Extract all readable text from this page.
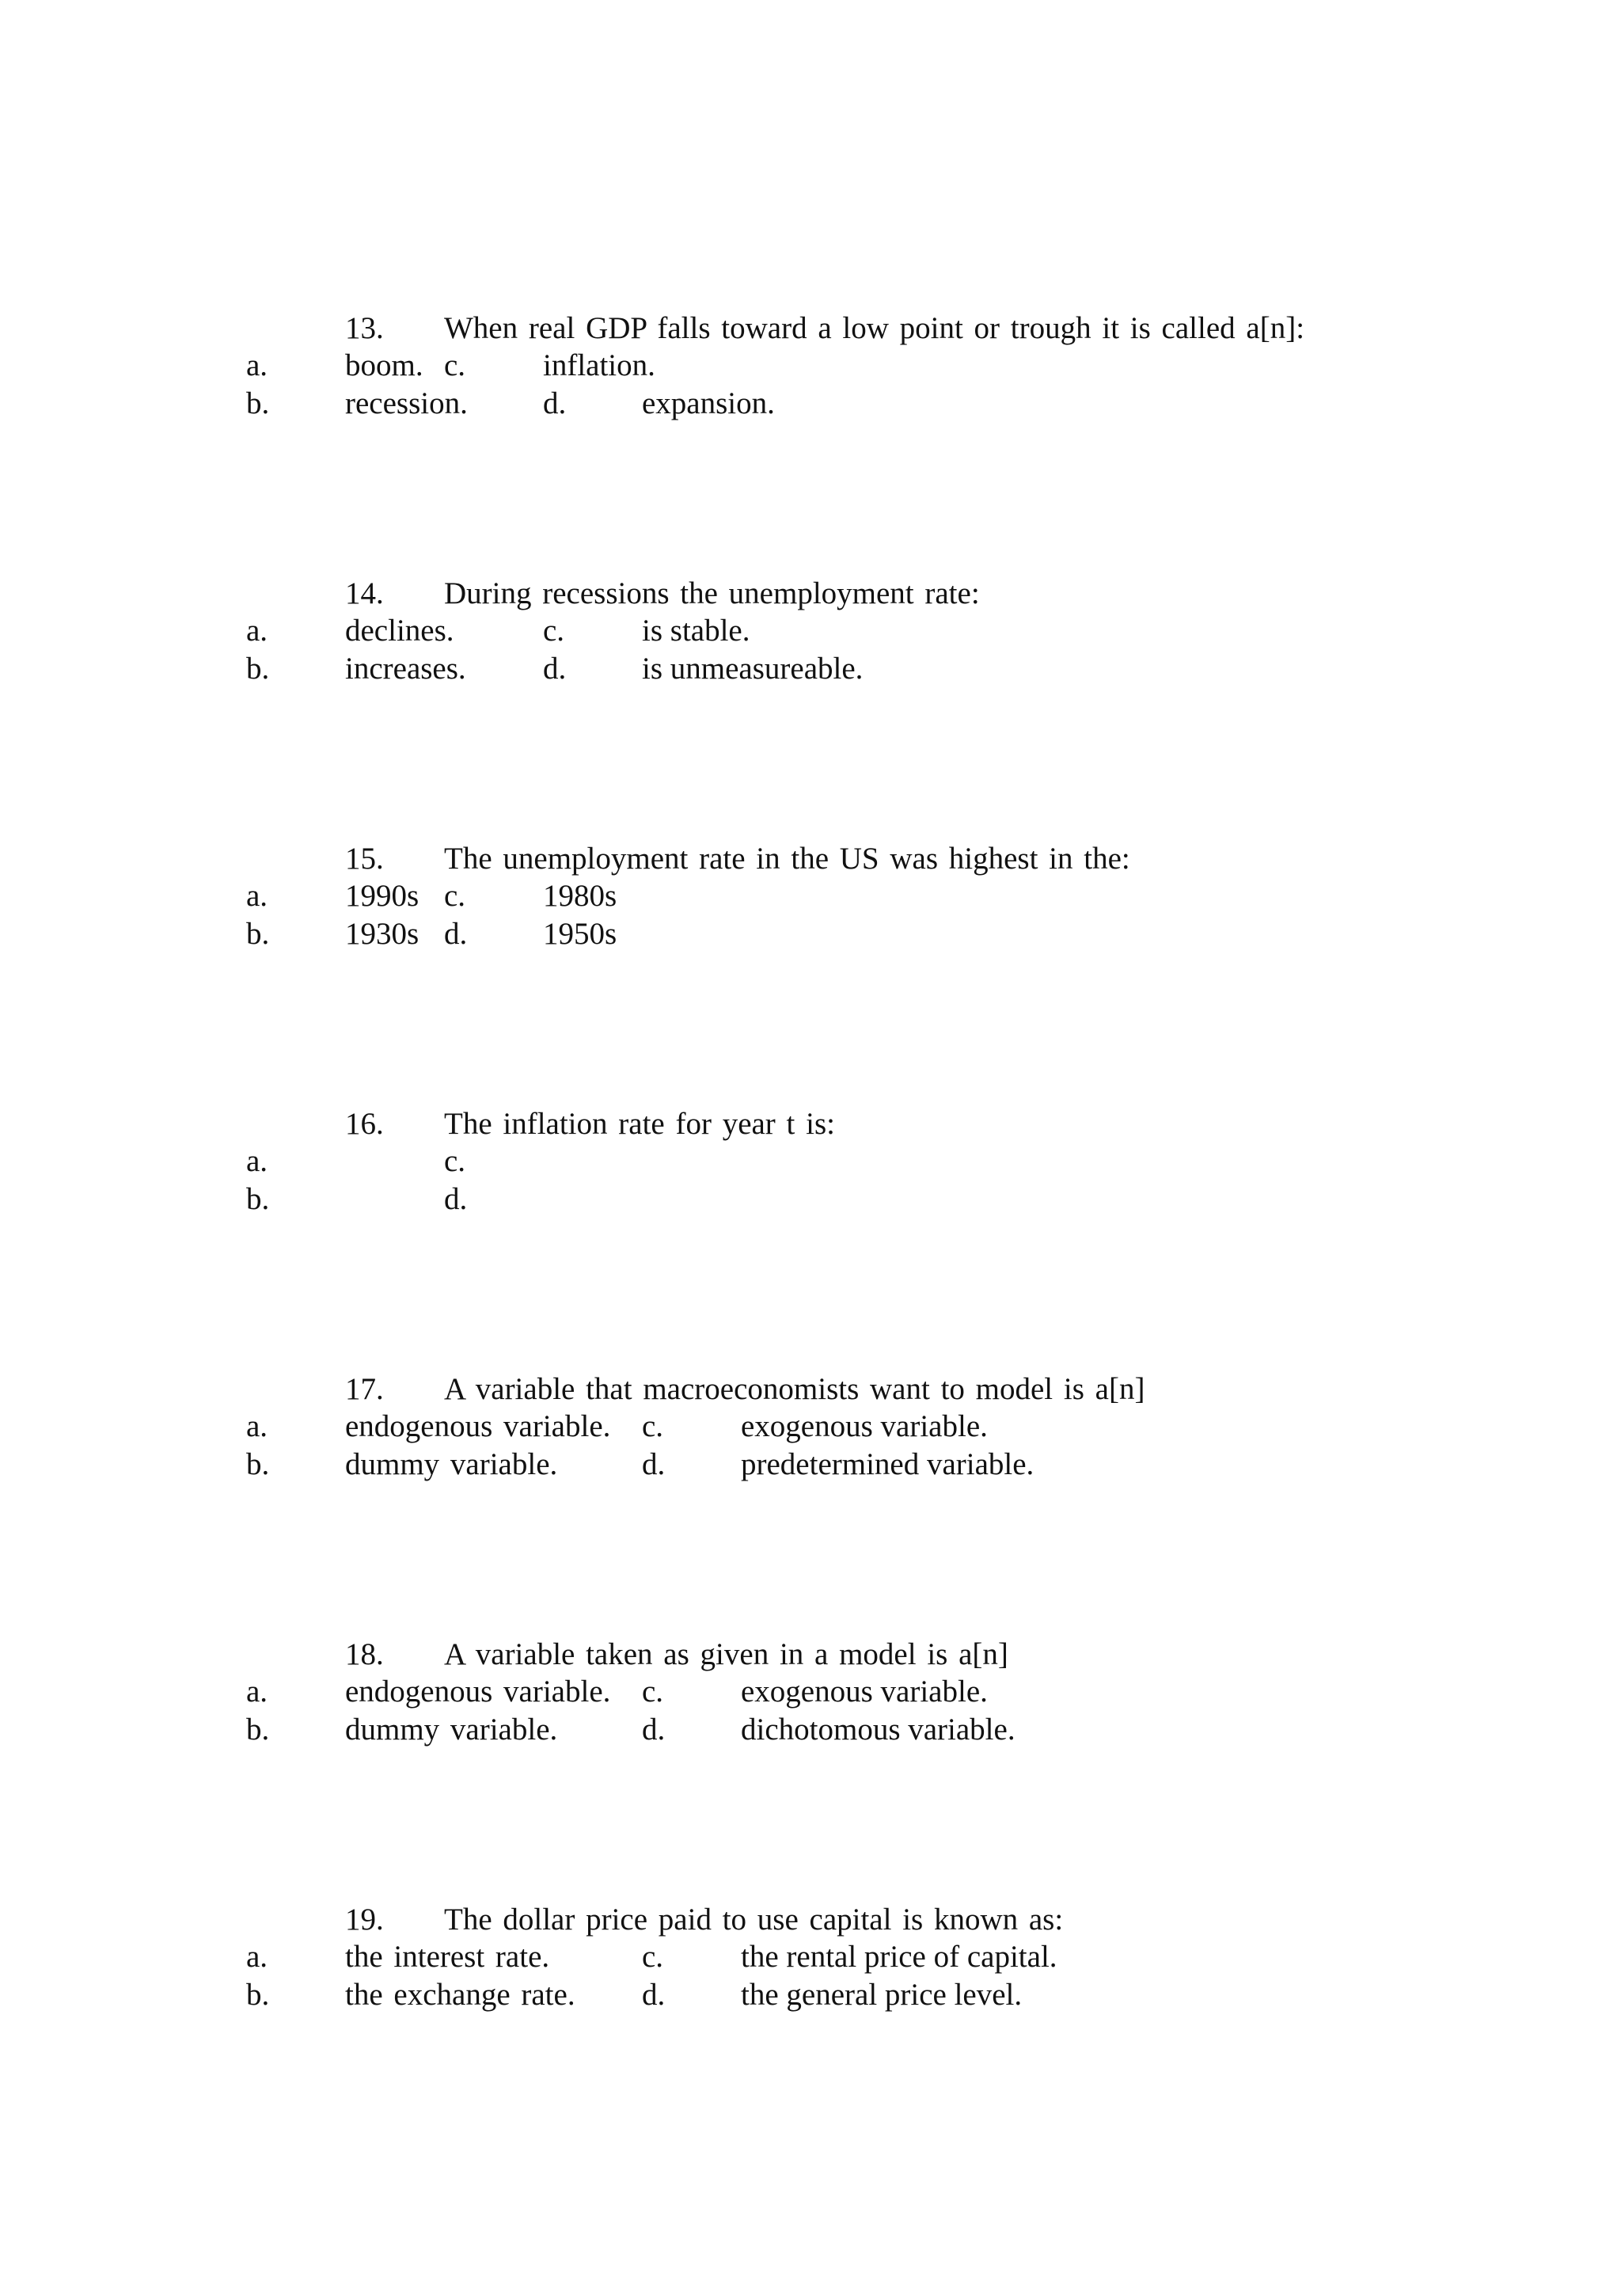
13. When real GDP falls toward a low point or trough it is called a[n]:
a.	boom. c.	inflation.
b. recession. d. expansion.
14. During recessions the unemployment rate:
a.	declines.	c.	is stable.
b. increases. d. is unmeasureable.
15. The unemployment rate in the US was highest in the:
a.	1990s c.	1980s
b. 1930s d. 1950s
16. The inflation rate for year t is:
a.	c.
b.	d.
17. A variable that macroeconomists want to model is a[n]
a.	endogenous variable. c.	exogenous variable.
b. dummy variable.	d. predetermined variable.
18. A variable taken as given in a model is a[n]
a.	endogenous variable. c.	exogenous variable.
b. dummy variable.	d. dichotomous variable.
19. The dollar price paid to use capital is known as:
a.	the interest rate.	c.	the rental price of capital.
b. the exchange rate. d. the general price level.
